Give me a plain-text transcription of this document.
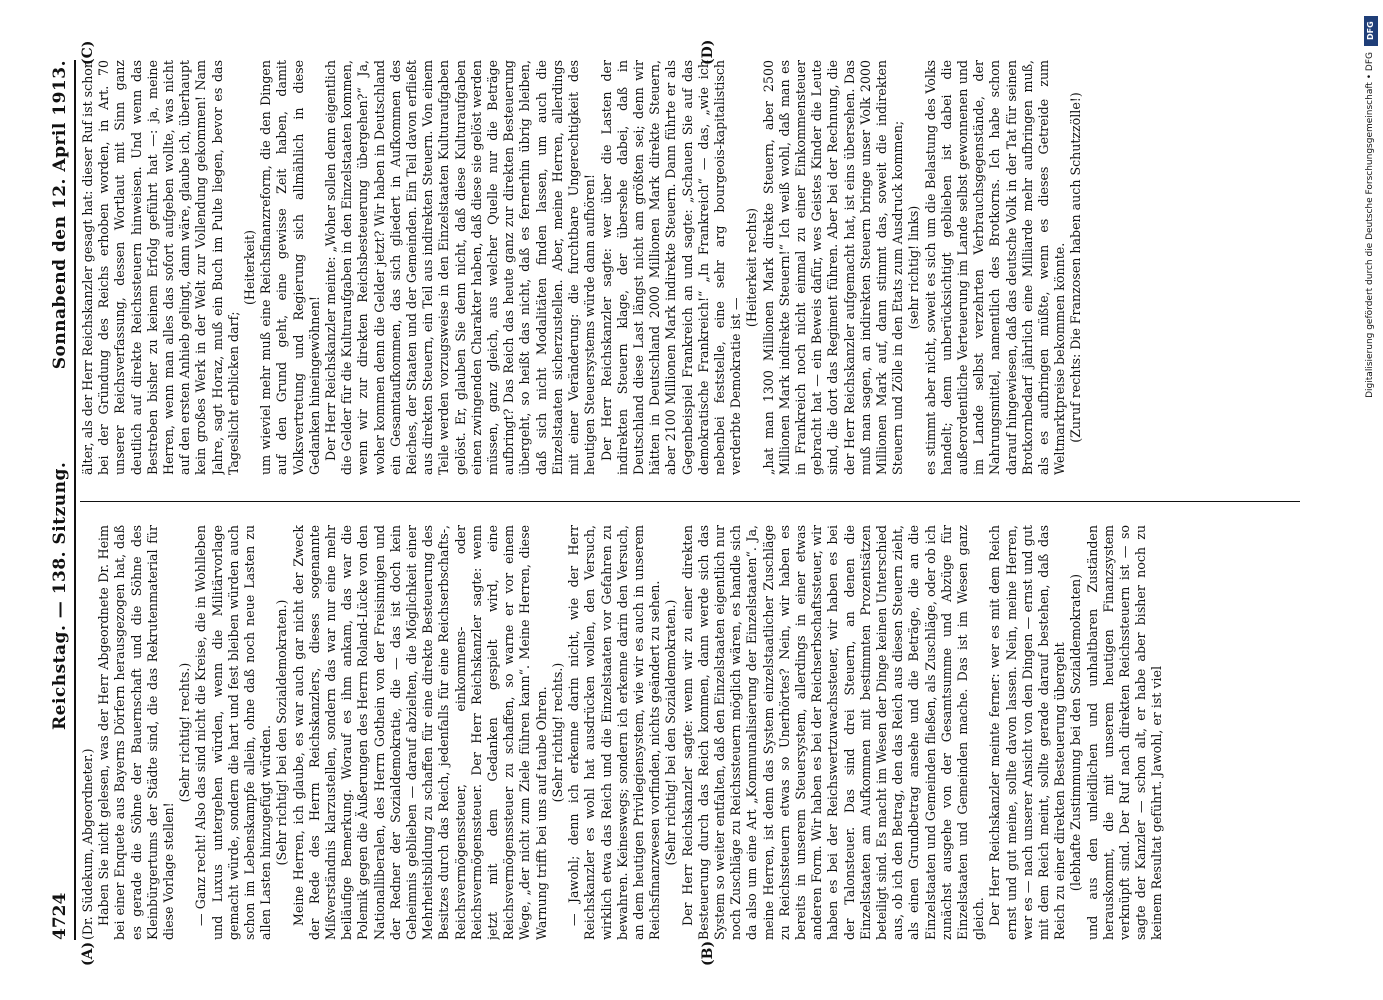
4724
Reichstag. — 138. Sitzung.
Sonnabend den 12. April 1913.
(A)	(B)
(C)	(D)

(Dr. Südekum, Abgeordneter.) Haben Sie nicht gelesen, was der Herr Abgeordnete Dr. Heim bei einer Enquete aus Bayerns Dörfern herausgezogen hat, daß es gerade die Söhne der Bauernschaft und die Söhne des Kleinbürgertums der Städte sind, die das Rekrutenmaterial für diese Vorlage stellen!

(Sehr richtig! rechts.) — Ganz recht! Also das sind nicht die Kreise, die in Wohlleben und Luxus untergehen würden, wenn die Militärvorlage gemacht würde, sondern die hart und fest bleiben würden auch schon im Lebenskampfe allein, ohne daß noch neue Lasten zu allen Lasten hinzugefügt würden. (Sehr richtig! bei den Sozialdemokraten.) Meine Herren, ich glaube, es war auch gar nicht der Zweck der Rede des Herrn Reichskanzlers, dieses sogenannte Mißverständnis klarzustellen, sondern das war nur eine mehr beiläufige Bemerkung. Worauf es ihm ankam, das war die Polemik gegen die Äußerungen des Herrn Roland-Lücke von den Nationalliberalen, des Herrn Gothein von der Freisinnigen und der Redner der Sozialdemokratie, die — das ist doch kein Geheimnis geblieben — darauf abzielten, die Möglichkeit einer Mehrheitsbildung zu schaffen für eine direkte Besteuerung des Besitzes durch das Reich, jedenfalls für eine Reichserbschafts-, Reichsvermögenssteuer, einkommens- oder Reichsvermögenssteuer. Der Herr Reichskanzler sagte: wenn jetzt mit dem Gedanken gespielt wird, eine Reichsvermögenssteuer zu schaffen, so warne er vor einem Wege, „der nicht zum Ziele führen kann“. Meine Herren, diese Warnung trifft bei uns auf taube Ohren. (Sehr richtig! rechts.) — Jawohl; denn ich erkenne darin nicht, wie der Herr Reichskanzler es wohl hat ausdrücken wollen, den Versuch, wirklich etwa das Reich und die Einzelstaaten vor Gefahren zu bewahren. Keineswegs; sondern ich erkenne darin den Versuch, an dem heutigen Privilegiensystem, wie wir es auch in unserem Reichsfinanzwesen vorfinden, nichts geändert zu sehen. (Sehr richtig! bei den Sozialdemokraten.) Der Herr Reichskanzler sagte: wenn wir zu einer direkten Besteuerung durch das Reich kommen, dann werde sich das System so weiter entfalten, daß den Einzelstaaten eigentlich nur noch Zuschläge zu Reichssteuern möglich wären, es handle sich da also um eine Art „Kommunalisierung der Einzelstaaten“. Ja, meine Herren, ist denn das System einzelstaatlicher Zuschläge zu Reichssteuern etwas so Unerhörtes? Nein, wir haben es bereits in unserem Steuersystem, allerdings in einer etwas anderen Form. Wir haben es bei der Reichserbschaftssteuer, wir haben es bei der Reichswertzuwachssteuer, wir haben es bei der Talonsteuer. Das sind drei Steuern, an denen die Einzelstaaten am Aufkommen mit bestimmten Prozentsätzen beteiligt sind. Es macht im Wesen der Dinge keinen Unterschied aus, ob ich den Betrag, den das Reich aus diesen Steuern zieht, als einen Grundbetrag ansehe und die Beträge, die an die Einzelstaaten und Gemeinden fließen, als Zuschläge, oder ob ich zunächst ausgehe von der Gesamtsumme und Abzüge für Einzelstaaten und Gemeinden mache. Das ist im Wesen ganz gleich. Der Herr Reichskanzler meinte ferner: wer es mit dem Reich ernst und gut meine, sollte davon lassen. Nein, meine Herren, wer es — nach unserer Ansicht von den Dingen — ernst und gut mit dem Reich meint, sollte gerade darauf bestehen, daß das Reich zu einer direkten Besteuerung übergeht (lebhafte Zustimmung bei den Sozialdemokraten) und aus den unleidlichen und unhaltbaren Zuständen herauskommt, die mit unserem heutigen Finanzsystem verknüpft sind. Der Ruf nach direkten Reichssteuern ist — so sagte der Kanzler — schon alt, er habe aber bisher noch zu keinem Resultat geführt. Jawohl, er ist viel

älter, als der Herr Reichskanzler gesagt hat: dieser Ruf ist schon bei der Gründung des Reichs erhoben worden, in Art. 70 unserer Reichsverfassung, dessen Wortlaut mit Sinn ganz deutlich auf direkte Reichssteuern hinweisen. Und wenn das Bestreben bisher zu keinem Erfolg geführt hat —: ja, meine Herren, wenn man alles das sofort aufgeben wollte, was nicht auf den ersten Anhieb gelingt, dann wäre, glaube ich, überhaupt kein großes Werk in der Welt zur Vollendung gekommen! Nam Jahre, sagt Horaz, muß ein Buch im Pulte liegen, bevor es das Tageslicht erblicken darf;

(Heiterkeit) um wieviel mehr muß eine Reichsfinanzreform, die den Dingen auf den Grund geht, eine gewisse Zeit haben, damit Volksvertretung und Regierung sich allmählich in diese Gedanken hineingewöhnen! Der Herr Reichskanzler meinte: „Woher sollen denn eigentlich die Gelder für die Kulturaufgaben in den Einzelstaaten kommen, wenn wir zur direkten Reichsbesteuerung übergehen?“ Ja, woher kommen denn die Gelder jetzt? Wir haben in Deutschland ein Gesamtaufkommen, das sich gliedert in Aufkommen des Reiches, der Staaten und der Gemeinden. Ein Teil davon erfließt aus direkten Steuern, ein Teil aus indirekten Steuern. Von einem Teile werden vorzugsweise in den Einzelstaaten Kulturaufgaben gelöst. Er, glauben Sie denn nicht, daß diese Kulturaufgaben einen zwingenden Charakter haben, daß diese sie gelöst werden müssen, ganz gleich, aus welcher Quelle nur die Beträge aufbringt? Das Reich das heute ganz zur direkten Besteuerung übergeht, so heißt das nicht, daß es fernerhin übrig bleiben, daß sich nicht Modalitäten finden lassen, um auch die Einzelstaaten sicherzustellen. Aber, meine Herren, allerdings mit einer Veränderung: die furchtbare Ungerechtigkeit des heutigen Steuersystems würde dann aufhören! Der Herr Reichskanzler sagte: wer über die Lasten der indirekten Steuern klage, der übersehe dabei, daß in Deutschland diese Last längst nicht am größten sei; denn wir hätten in Deutschland 2000 Millionen Mark direkte Steuern, aber 2100 Millionen Mark indirekte Steuern. Dann führte er als Gegenbeispiel Frankreich an und sagte: „Schauen Sie auf das demokratische Frankreich!“ „In Frankreich“ — das, „wie ich nebenbei feststelle, eine sehr arg bourgeois-kapitalistisch verderbte Demokratie ist —

(Heiterkeit rechts) „hat man 1300 Millionen Mark direkte Steuern, aber 2500 Millionen Mark indirekte Steuern!“ Ich weiß wohl, daß man es in Frankreich noch nicht einmal zu einer Einkommensteuer gebracht hat — ein Beweis dafür, wes Geistes Kinder die Leute sind, die dort das Regiment führen. Aber bei der Rechnung, die der Herr Reichskanzler aufgemacht hat, ist eins übersehen. Das muß man sagen, an indirekten Steuern bringe unser Volk 2000 Millionen Mark auf, dann stimmt das, soweit die indirekten Steuern und Zölle in den Etats zum Ausdruck kommen; (sehr richtig! links) es stimmt aber nicht, soweit es sich um die Belastung des Volks handelt; denn unberücksichtigt geblieben ist dabei die außerordentliche Verteuerung im Lande selbst gewonnenen und im Lande selbst verzehrten Verbrauchsgegenstände, der Nahrungsmittel, namentlich des Brotkorns. Ich habe schon darauf hingewiesen, daß das deutsche Volk in der Tat für seinen Brotkornbedarf jährlich eine Milliarde mehr aufbringen muß, als es aufbringen müßte, wenn es dieses Getreide zum Weltmarktpreise bekommen könnte. (Zuruf rechts: Die Franzosen haben auch Schutzzölle!)

DFG
Digitalisierung gefördert durch die Deutsche Forschungsgemeinschaft • DFG
